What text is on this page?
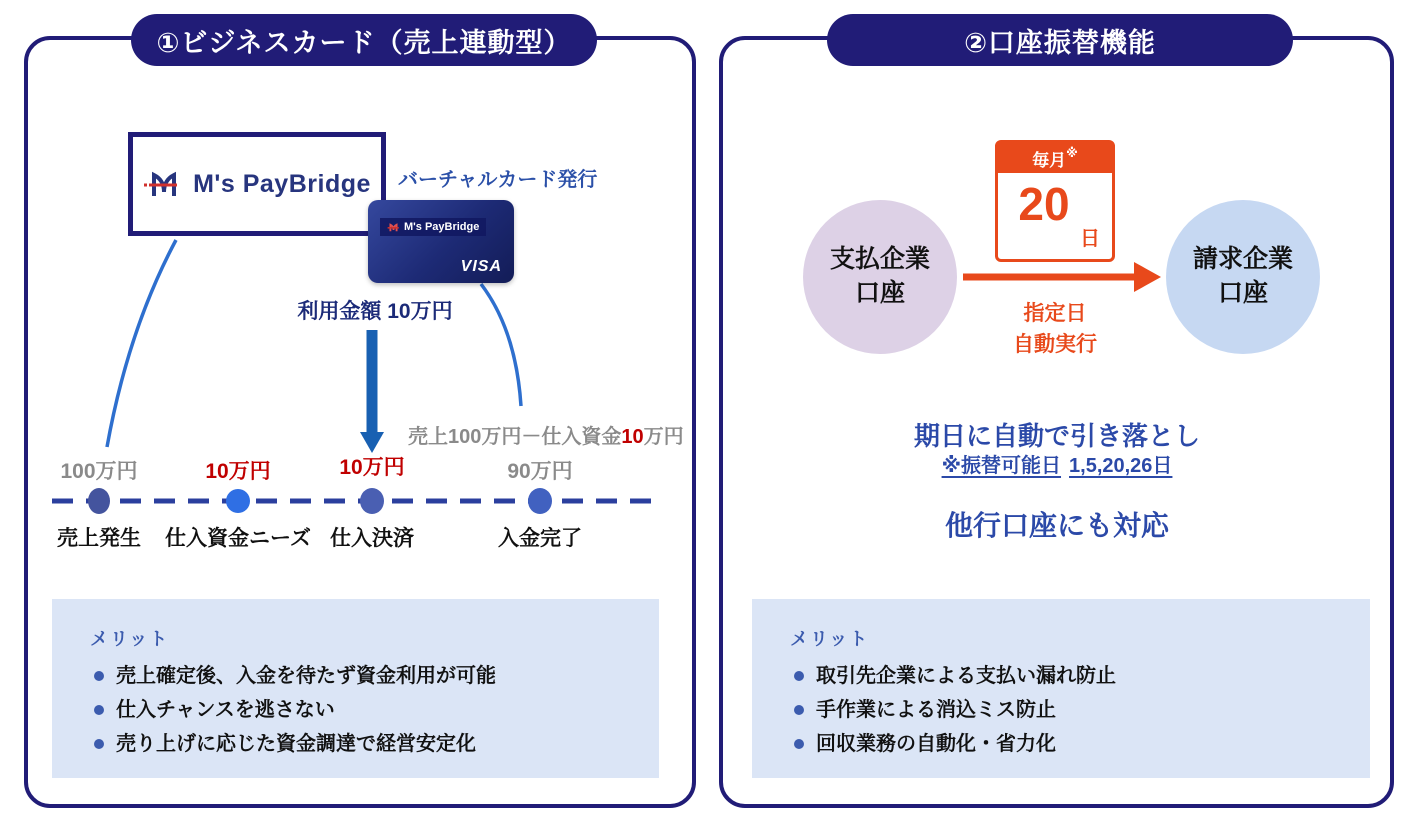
①ビジネスカード（売上連動型）	②口座振替機能
M's PayBridge バーチャルカード発行
M's PayBridge
VISA
利用金額 10万円
売上100万円－仕入資金10万円
100万円	10万円	10万円	90万円
売上発生	仕入資金ニーズ 仕入決済	入金完了
メリット
売上確定後、入金を待たず資金利用が可能
仕入チャンスを逃さない
売り上げに応じた資金調達で経営安定化
毎月※
20
日
支払企業
口座
請求企業
口座
指定日
自動実行
期日に自動で引き落とし
※振替可能日 1,5,20,26日
他行口座にも対応
メリット
取引先企業による支払い漏れ防止
手作業による消込ミス防止
回収業務の自動化・省力化
